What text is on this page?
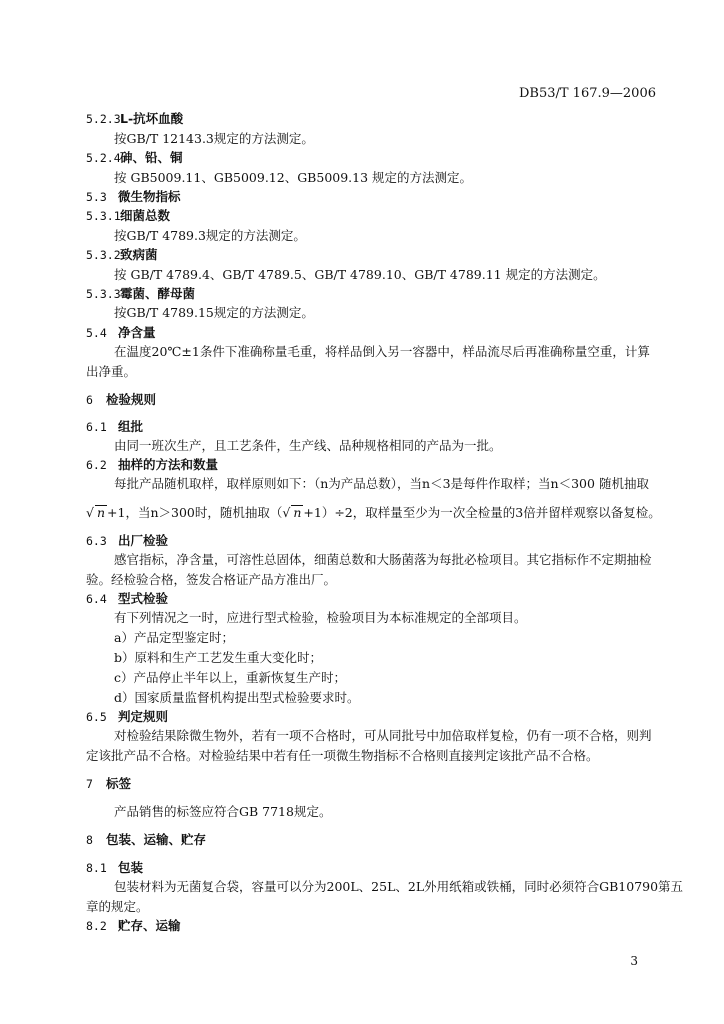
DB53/T 167.9—2006
5.2.3L-抗坏血酸
按GB/T 12143.3规定的方法测定。
5.2.4砷、铅、铜
按 GB5009.11、GB5009.12、GB5009.13 规定的方法测定。
5.3 微生物指标
5.3.1细菌总数
按GB/T 4789.3规定的方法测定。
5.3.2致病菌
按 GB/T 4789.4、GB/T 4789.5、GB/T 4789.10、GB/T 4789.11 规定的方法测定。
5.3.3霉菌、酵母菌
按GB/T 4789.15规定的方法测定。
5.4 净含量
在温度20℃±1条件下准确称量毛重，将样品倒入另一容器中，样品流尽后再准确称量空重，计算
出净重。
6 检验规则
6.1 组批
由同一班次生产，且工艺条件，生产线、品种规格相同的产品为一批。
6.2 抽样的方法和数量
每批产品随机取样，取样原则如下：（n为产品总数），当n＜3是每件作取样；当n＜300 随机抽取
√ n +1，当n＞300时，随机抽取（√ n +1）÷2，取样量至少为一次全检量的3倍并留样观察以备复检。
6.3 出厂检验
感官指标，净含量，可溶性总固体，细菌总数和大肠菌落为每批必检项目。其它指标作不定期抽检
验。经检验合格，签发合格证产品方准出厂。
6.4 型式检验
有下列情况之一时，应进行型式检验，检验项目为本标准规定的全部项目。
a）产品定型鉴定时；
b）原料和生产工艺发生重大变化时；
c）产品停止半年以上，重新恢复生产时；
d）国家质量监督机构提出型式检验要求时。
6.5 判定规则
对检验结果除微生物外，若有一项不合格时，可从同批号中加倍取样复检，仍有一项不合格，则判
定该批产品不合格。对检验结果中若有任一项微生物指标不合格则直接判定该批产品不合格。
7 标签
产品销售的标签应符合GB 7718规定。
8 包装、运输、贮存
8.1 包装
包装材料为无菌复合袋，容量可以分为200L、25L、2L外用纸箱或铁桶，同时必须符合GB10790第五
章的规定。
8.2 贮存、运输
3
